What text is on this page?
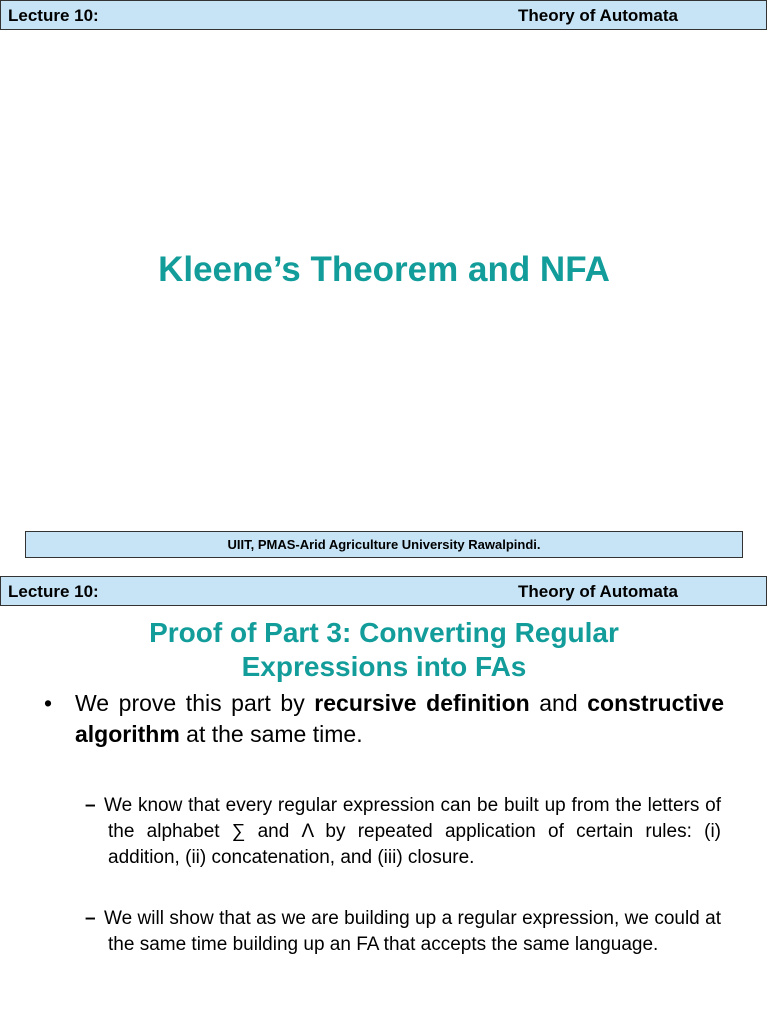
Lecture 10:	Theory of Automata
Kleene’s Theorem and NFA
UIIT, PMAS-Arid Agriculture University Rawalpindi.
Lecture 10:	Theory of Automata
Proof of Part 3: Converting Regular
Expressions into FAs
• We prove this part by recursive definition and constructive algorithm at the same time.
– We know that every regular expression can be built up from the letters of the alphabet ∑ and Λ by repeated application of certain rules: (i) addition, (ii) concatenation, and (iii) closure.
– We will show that as we are building up a regular expression, we could at the same time building up an FA that accepts the same language.
